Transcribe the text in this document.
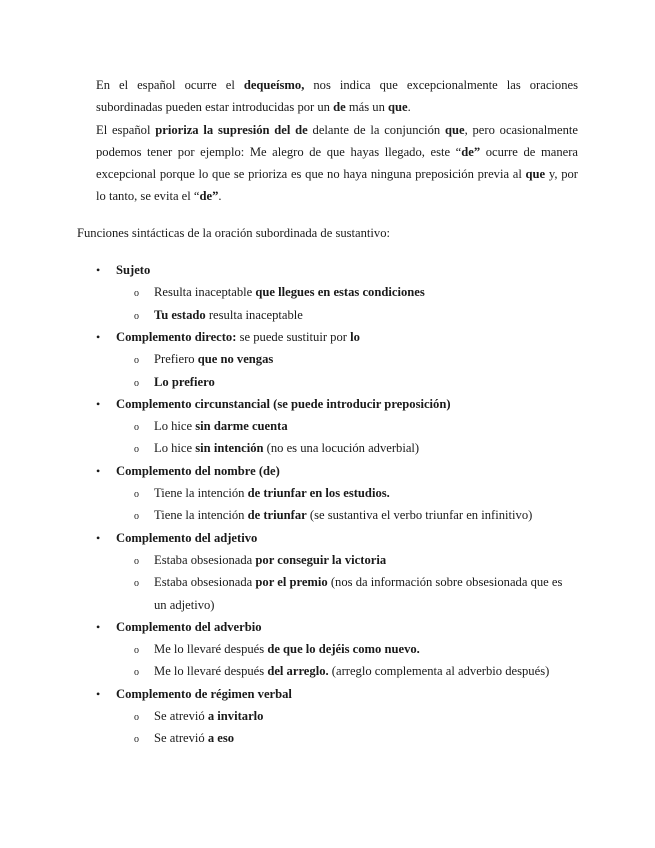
En el español ocurre el dequeísmo, nos indica que excepcionalmente las oraciones subordinadas pueden estar introducidas por un de más un que.

El español prioriza la supresión del de delante de la conjunción que, pero ocasionalmente podemos tener por ejemplo: Me alegro de que hayas llegado, este “de” ocurre de manera excepcional porque lo que se prioriza es que no haya ninguna preposición previa al que y, por lo tanto, se evita el “de”.

Funciones sintácticas de la oración subordinada de sustantivo:

• Sujeto
o Resulta inaceptable que llegues en estas condiciones
o Tu estado resulta inaceptable
• Complemento directo: se puede sustituir por lo
o Prefiero que no vengas
o Lo prefiero
• Complemento circunstancial (se puede introducir preposición)
o Lo hice sin darme cuenta
o Lo hice sin intención (no es una locución adverbial)
• Complemento del nombre (de)
o Tiene la intención de triunfar en los estudios.
o Tiene la intención de triunfar (se sustantiva el verbo triunfar en infinitivo)
• Complemento del adjetivo
o Estaba obsesionada por conseguir la victoria
o Estaba obsesionada por el premio (nos da información sobre obsesionada que es
un adjetivo)
• Complemento del adverbio
o Me lo llevaré después de que lo dejéis como nuevo.
o Me lo llevaré después del arreglo. (arreglo complementa al adverbio después)
• Complemento de régimen verbal
o Se atrevió a invitarlo
o Se atrevió a eso
